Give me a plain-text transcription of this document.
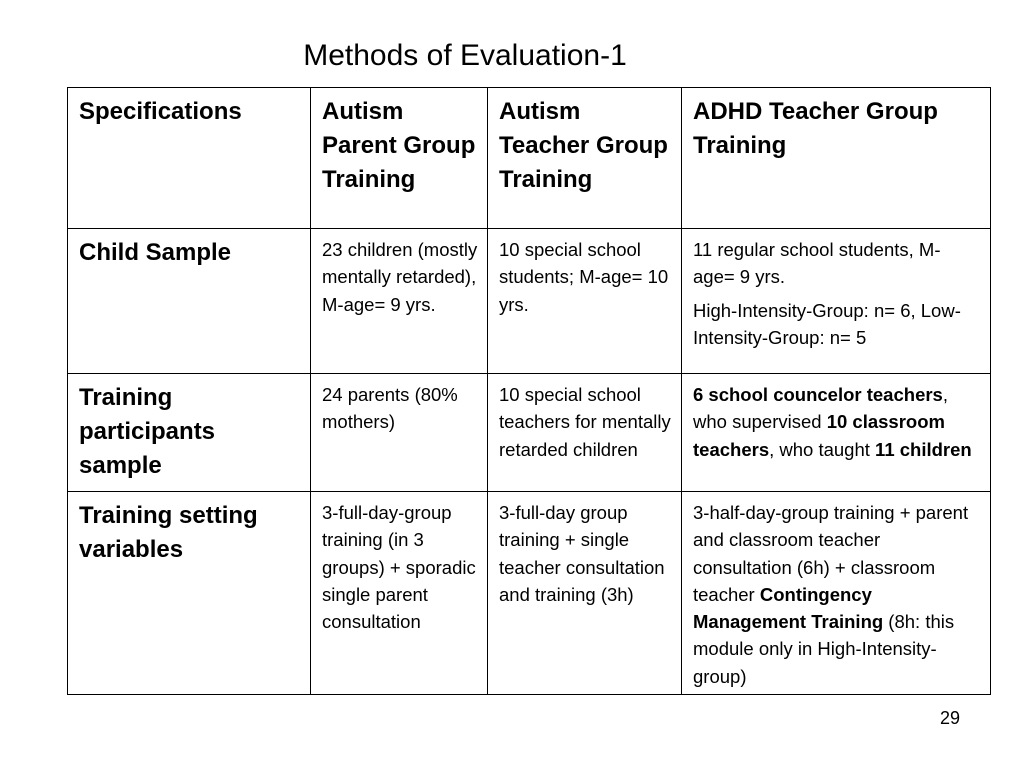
Methods of Evaluation-1
Specifications	Autism Parent Group Training	Autism Teacher Group Training	ADHD Teacher Group Training
Child Sample	23 children (mostly mentally retarded), M-age= 9 yrs.	10 special school students; M-age= 10 yrs.	11 regular school students, M-age= 9 yrs.
High-Intensity-Group: n= 6, Low-Intensity-Group: n= 5

Training participants sample	24 parents (80% mothers)	10 special school teachers for mentally retarded children	6 school councelor teachers, who supervised 10 classroom teachers, who taught 11 children
Training setting variables	3-full-day-group training (in 3 groups) + sporadic single parent consultation	3-full-day group training + single teacher consultation and training (3h)	3-half-day-group training + parent and classroom teacher consultation (6h) + classroom teacher Contingency Management Training (8h: this module only in High-Intensity-group)
29
